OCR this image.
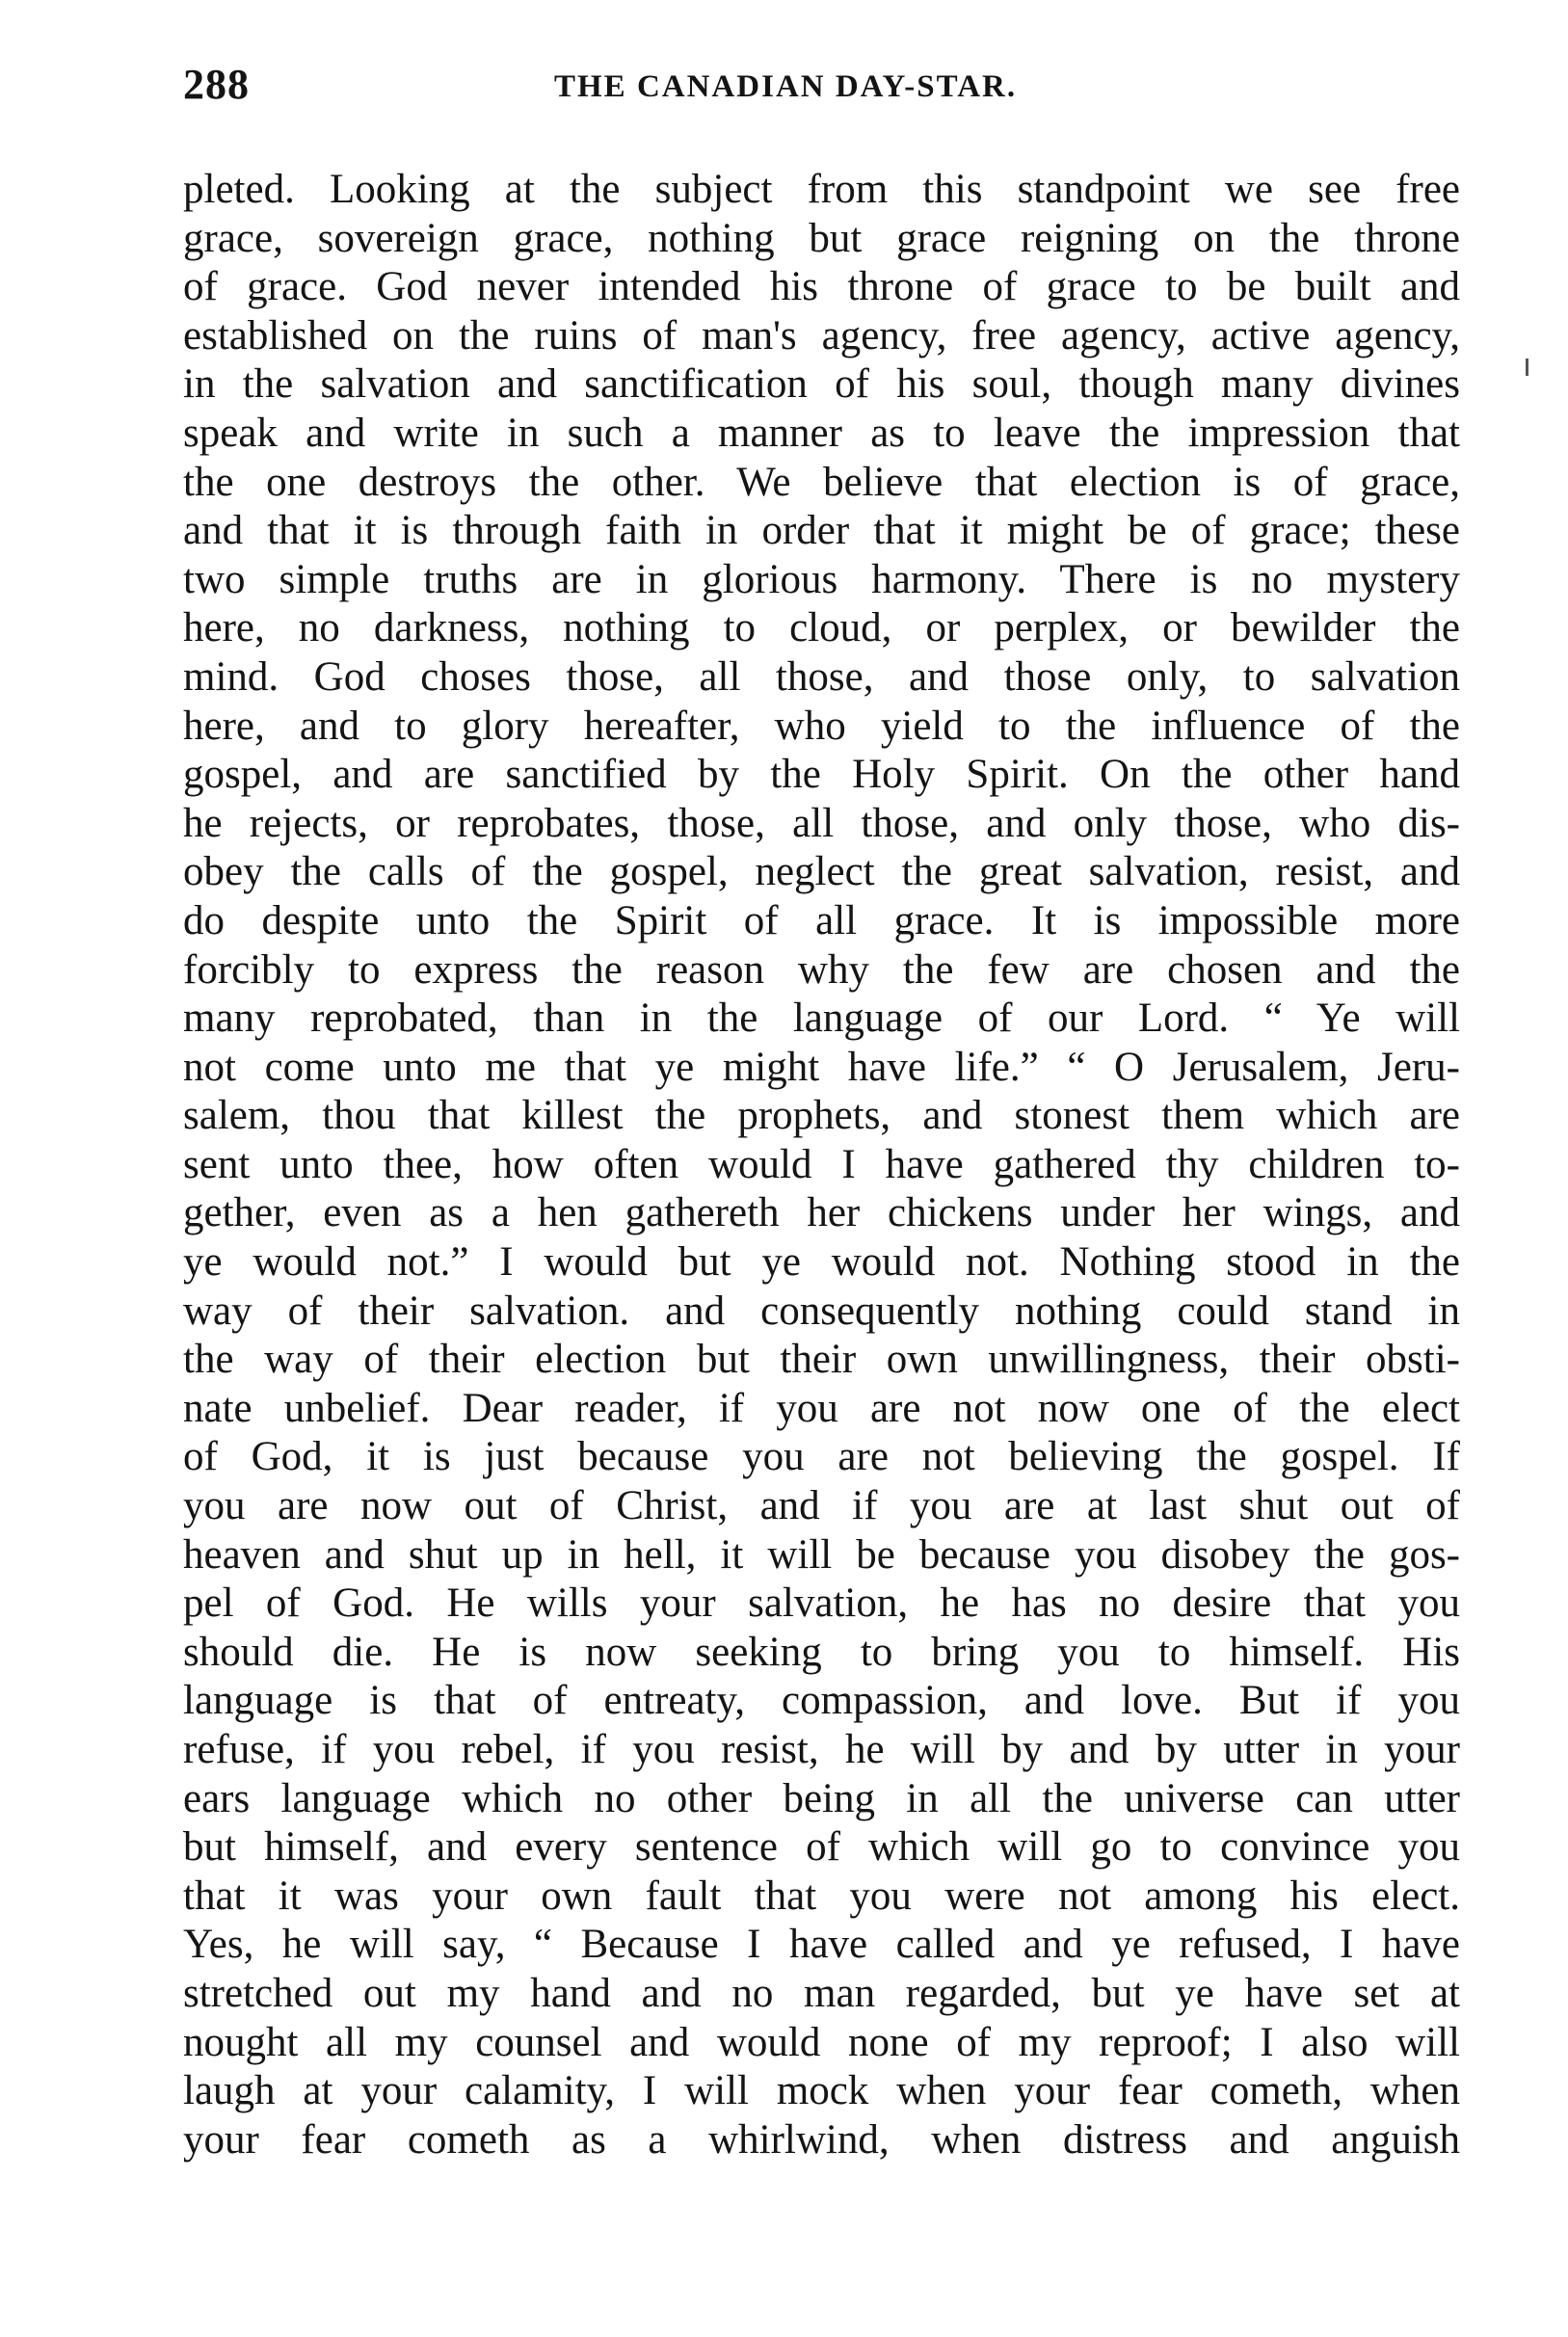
288	THE CANADIAN DAY-STAR.
pleted. Looking at the subject from this standpoint we see free
grace, sovereign grace, nothing but grace reigning on the throne
of grace. God never intended his throne of grace to be built and
established on the ruins of man's agency, free agency, active agency,
in the salvation and sanctification of his soul, though many divines
speak and write in such a manner as to leave the impression that
the one destroys the other. We believe that election is of grace,
and that it is through faith in order that it might be of grace; these
two simple truths are in glorious harmony. There is no mystery
here, no darkness, nothing to cloud, or perplex, or bewilder the
mind. God choses those, all those, and those only, to salvation
here, and to glory hereafter, who yield to the influence of the
gospel, and are sanctified by the Holy Spirit. On the other hand
he rejects, or reprobates, those, all those, and only those, who dis-
obey the calls of the gospel, neglect the great salvation, resist, and
do despite unto the Spirit of all grace. It is impossible more
forcibly to express the reason why the few are chosen and the
many reprobated, than in the language of our Lord. “ Ye will
not come unto me that ye might have life.” “ O Jerusalem, Jeru-
salem, thou that killest the prophets, and stonest them which are
sent unto thee, how often would I have gathered thy children to-
gether, even as a hen gathereth her chickens under her wings, and
ye would not.” I would but ye would not. Nothing stood in the
way of their salvation. and consequently nothing could stand in
the way of their election but their own unwillingness, their obsti-
nate unbelief. Dear reader, if you are not now one of the elect
of God, it is just because you are not believing the gospel. If
you are now out of Christ, and if you are at last shut out of
heaven and shut up in hell, it will be because you disobey the gos-
pel of God. He wills your salvation, he has no desire that you
should die. He is now seeking to bring you to himself. His
language is that of entreaty, compassion, and love. But if you
refuse, if you rebel, if you resist, he will by and by utter in your
ears language which no other being in all the universe can utter
but himself, and every sentence of which will go to convince you
that it was your own fault that you were not among his elect.
Yes, he will say, “ Because I have called and ye refused, I have
stretched out my hand and no man regarded, but ye have set at
nought all my counsel and would none of my reproof; I also will
laugh at your calamity, I will mock when your fear cometh, when
your fear cometh as a whirlwind, when distress and anguish
